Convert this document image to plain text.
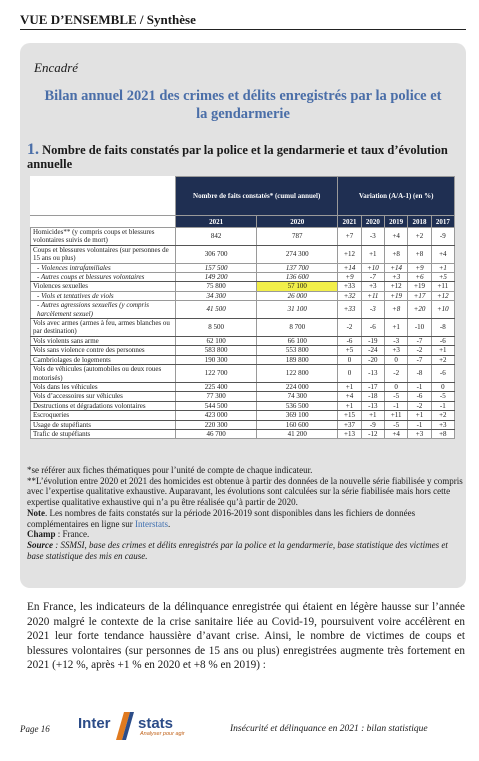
VUE D’ENSEMBLE / Synthèse
Encadré
Bilan annuel 2021 des crimes et délits enregistrés par la police et la gendarmerie
1. Nombre de faits constatés par la police et la gendarmerie et taux d’évolution annuelle
	Nombre de faits constatés* (cumul annuel)		Variation (A/A-1) (en %)				
	2021	2020	2021	2020	2019	2018	2017
Homicides** (y compris coups et blessures volontaires suivis de mort)	842	787	+7	-3	+4	+2	-9
Coups et blessures volontaires (sur personnes de 15 ans ou plus)	306 700	274 300	+12	+1	+8	+8	+4
- Violences intrafamiliales	157 500	137 700	+14	+10	+14	+9	+1
- Autres coups et blessures volontaires	149 200	136 600	+9	-7	+3	+6	+5
Violences sexuelles	75 800	57 100	+33	+3	+12	+19	+11
- Viols et tentatives de viols	34 300	26 000	+32	+11	+19	+17	+12
- Autres agressions sexuelles (y compris harcèlement sexuel)	41 500	31 100	+33	-3	+8	+20	+10
Vols avec armes (armes à feu, armes blanches ou par destination)	8 500	8 700	-2	-6	+1	-10	-8
Vols violents sans arme	62 100	66 100	-6	-19	-3	-7	-6
Vols sans violence contre des personnes	583 800	553 800	+5	-24	+3	-2	+1
Cambriolages de logements	190 300	189 800	0	-20	0	-7	+2
Vols de véhicules (automobiles ou deux roues motorisés)	122 700	122 800	0	-13	-2	-8	-6
Vols dans les véhicules	225 400	224 000	+1	-17	0	-1	0
Vols d’accessoires sur véhicules	77 300	74 300	+4	-18	-5	-6	-5
Destructions et dégradations volontaires	544 500	536 500	+1	-13	-1	-2	-1
Escroqueries	423 000	369 100	+15	+1	+11	+1	+2
Usage de stupéfiants	220 300	160 600	+37	-9	-5	-1	+3
Trafic de stupéfiants	46 700	41 200	+13	-12	+4	+3	+8

*se référer aux fiches thématiques pour l’unité de compte de chaque indicateur.

**L’évolution entre 2020 et 2021 des homicides est obtenue à partir des données de la nouvelle série fiabilisée y compris avec l’expertise qualitative exhaustive. Auparavant, les évolutions sont calculées sur la série fiabilisée mais hors cette expertise qualitative exhaustive qui n’a pu être réalisée qu’à partir de 2020.

Note. Les nombres de faits constatés sur la période 2016-2019 sont disponibles dans les fichiers de données complémentaires en ligne sur Interstats.

Champ : France.

Source : SSMSI, base des crimes et délits enregistrés par la police et la gendarmerie, base statistique des victimes et base statistique des mis en cause.

En France, les indicateurs de la délinquance enregistrée qui étaient en légère hausse sur l’année 2020 malgré le contexte de la crise sanitaire liée au Covid-19, poursuivent voire accélèrent en 2021 leur forte tendance haussière d’avant crise. Ainsi, le nombre de victimes de coups et blessures volontaires (sur personnes de 15 ans ou plus) enregistrées augmente très fortement en 2021 (+12 %, après +1 % en 2020 et +8 % en 2019) :
Page 16 Inter stats
Analyser pour agir	Insécurité et délinquance en 2021 : bilan statistique
